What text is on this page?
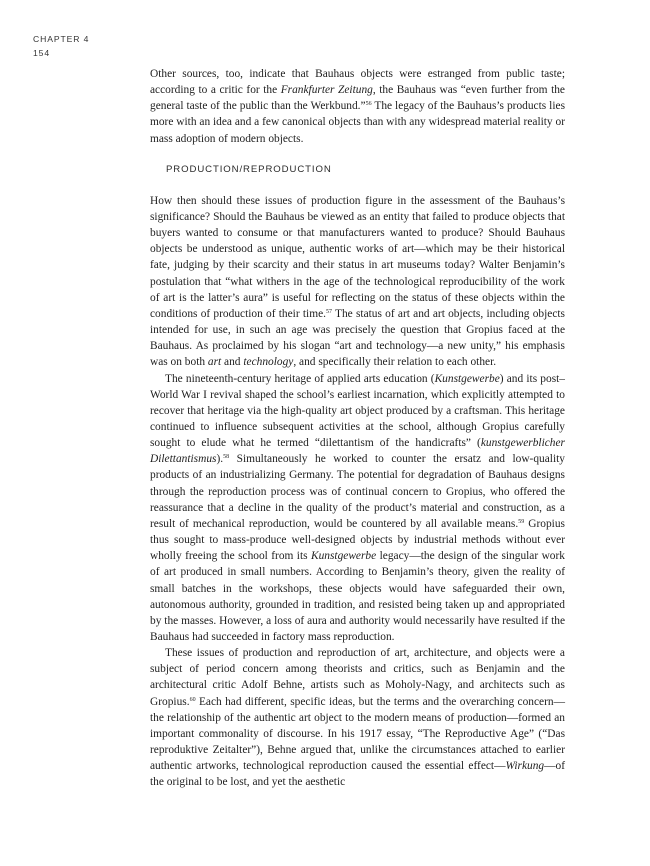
CHAPTER 4
154

Other sources, too, indicate that Bauhaus objects were estranged from public taste; according to a critic for the Frankfurter Zeitung, the Bauhaus was “even further from the general taste of the public than the Werkbund.”$^{56}$ The legacy of the Bauhaus’s products lies more with an idea and a few canonical objects than with any widespread material reality or mass adoption of modern objects.

PRODUCTION/REPRODUCTION

How then should these issues of production figure in the assessment of the Bauhaus’s significance? Should the Bauhaus be viewed as an entity that failed to produce objects that buyers wanted to consume or that manufacturers wanted to produce? Should Bauhaus objects be understood as unique, authentic works of art—which may be their historical fate, judging by their scarcity and their status in art museums today? Walter Benjamin’s postulation that “what withers in the age of the technological reproducibility of the work of art is the latter’s aura” is useful for reflecting on the status of these objects within the conditions of production of their time.$^{57}$ The status of art and art objects, including objects intended for use, in such an age was precisely the question that Gropius faced at the Bauhaus. As proclaimed by his slogan “art and technology—a new unity,” his emphasis was on both art and technology, and specifically their relation to each other.

The nineteenth-century heritage of applied arts education (Kunstgewerbe) and its post–World War I revival shaped the school’s earliest incarnation, which explicitly attempted to recover that heritage via the high-quality art object produced by a craftsman. This heritage continued to influence subsequent activities at the school, although Gropius carefully sought to elude what he termed “dilettantism of the handicrafts” (kunstgewerblicher Dilettantismus).$^{58}$ Simultaneously he worked to counter the ersatz and low-quality products of an industrializing Germany. The potential for degradation of Bauhaus designs through the reproduction process was of continual concern to Gropius, who offered the reassurance that a decline in the quality of the product’s material and construction, as a result of mechanical reproduction, would be countered by all available means.$^{59}$ Gropius thus sought to mass-produce well-designed objects by industrial methods without ever wholly freeing the school from its Kunstgewerbe legacy—the design of the singular work of art produced in small numbers. According to Benjamin’s theory, given the reality of small batches in the workshops, these objects would have safeguarded their own, autonomous authority, grounded in tradition, and resisted being taken up and appropriated by the masses. However, a loss of aura and authority would necessarily have resulted if the Bauhaus had succeeded in factory mass reproduction.

These issues of production and reproduction of art, architecture, and objects were a subject of period concern among theorists and critics, such as Benjamin and the architectural critic Adolf Behne, artists such as Moholy-Nagy, and architects such as Gropius.$^{60}$ Each had different, specific ideas, but the terms and the overarching concern—the relationship of the authentic art object to the modern means of production—formed an important commonality of discourse. In his 1917 essay, “The Reproductive Age” (“Das reproduktive Zeitalter”), Behne argued that, unlike the circumstances attached to earlier authentic artworks, technological reproduction caused the essential effect—Wirkung—of the original to be lost, and yet the aesthetic
